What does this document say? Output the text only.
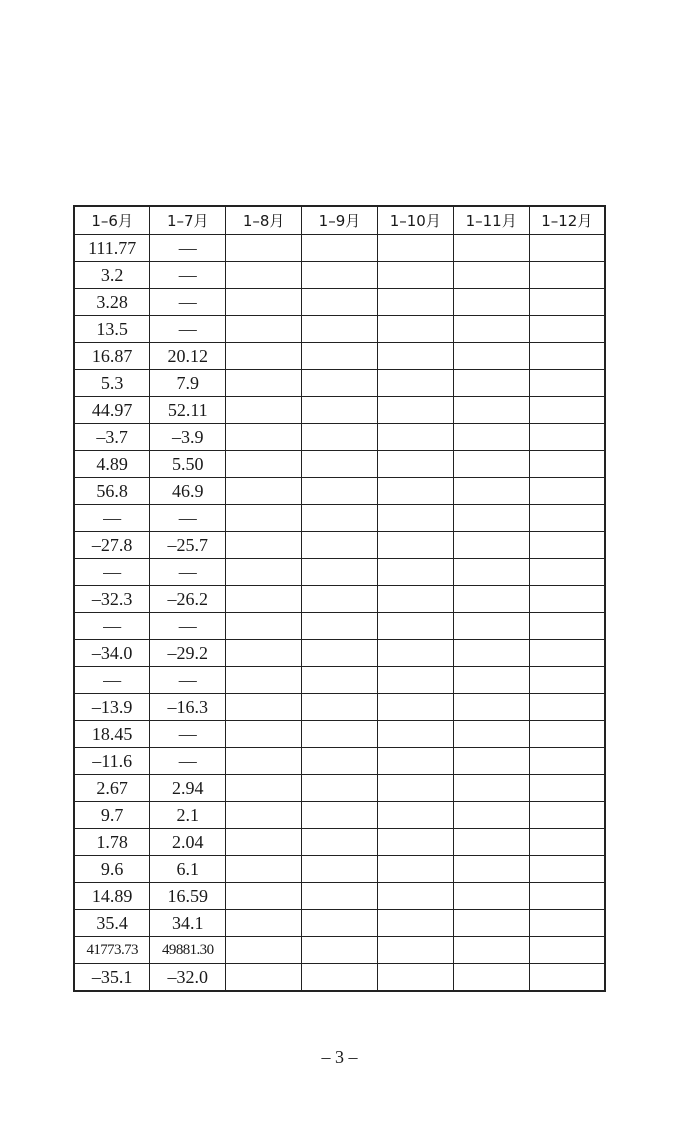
1–6月	1–7月	1–8月	1–9月	1–10月	1–11月	1–12月
111.77	—					
3.2	—					
3.28	—					
13.5	—					
16.87	20.12					
5.3	7.9					
44.97	52.11					
–3.7	–3.9					
4.89	5.50					
56.8	46.9					
—	—					
–27.8	–25.7					
—	—					
–32.3	–26.2					
—	—					
–34.0	–29.2					
—	—					
–13.9	–16.3					
18.45	—					
–11.6	—					
2.67	2.94					
9.7	2.1					
1.78	2.04					
9.6	6.1					
14.89	16.59					
35.4	34.1					
41773.73	49881.30					
–35.1	–32.0					
– 3 –
